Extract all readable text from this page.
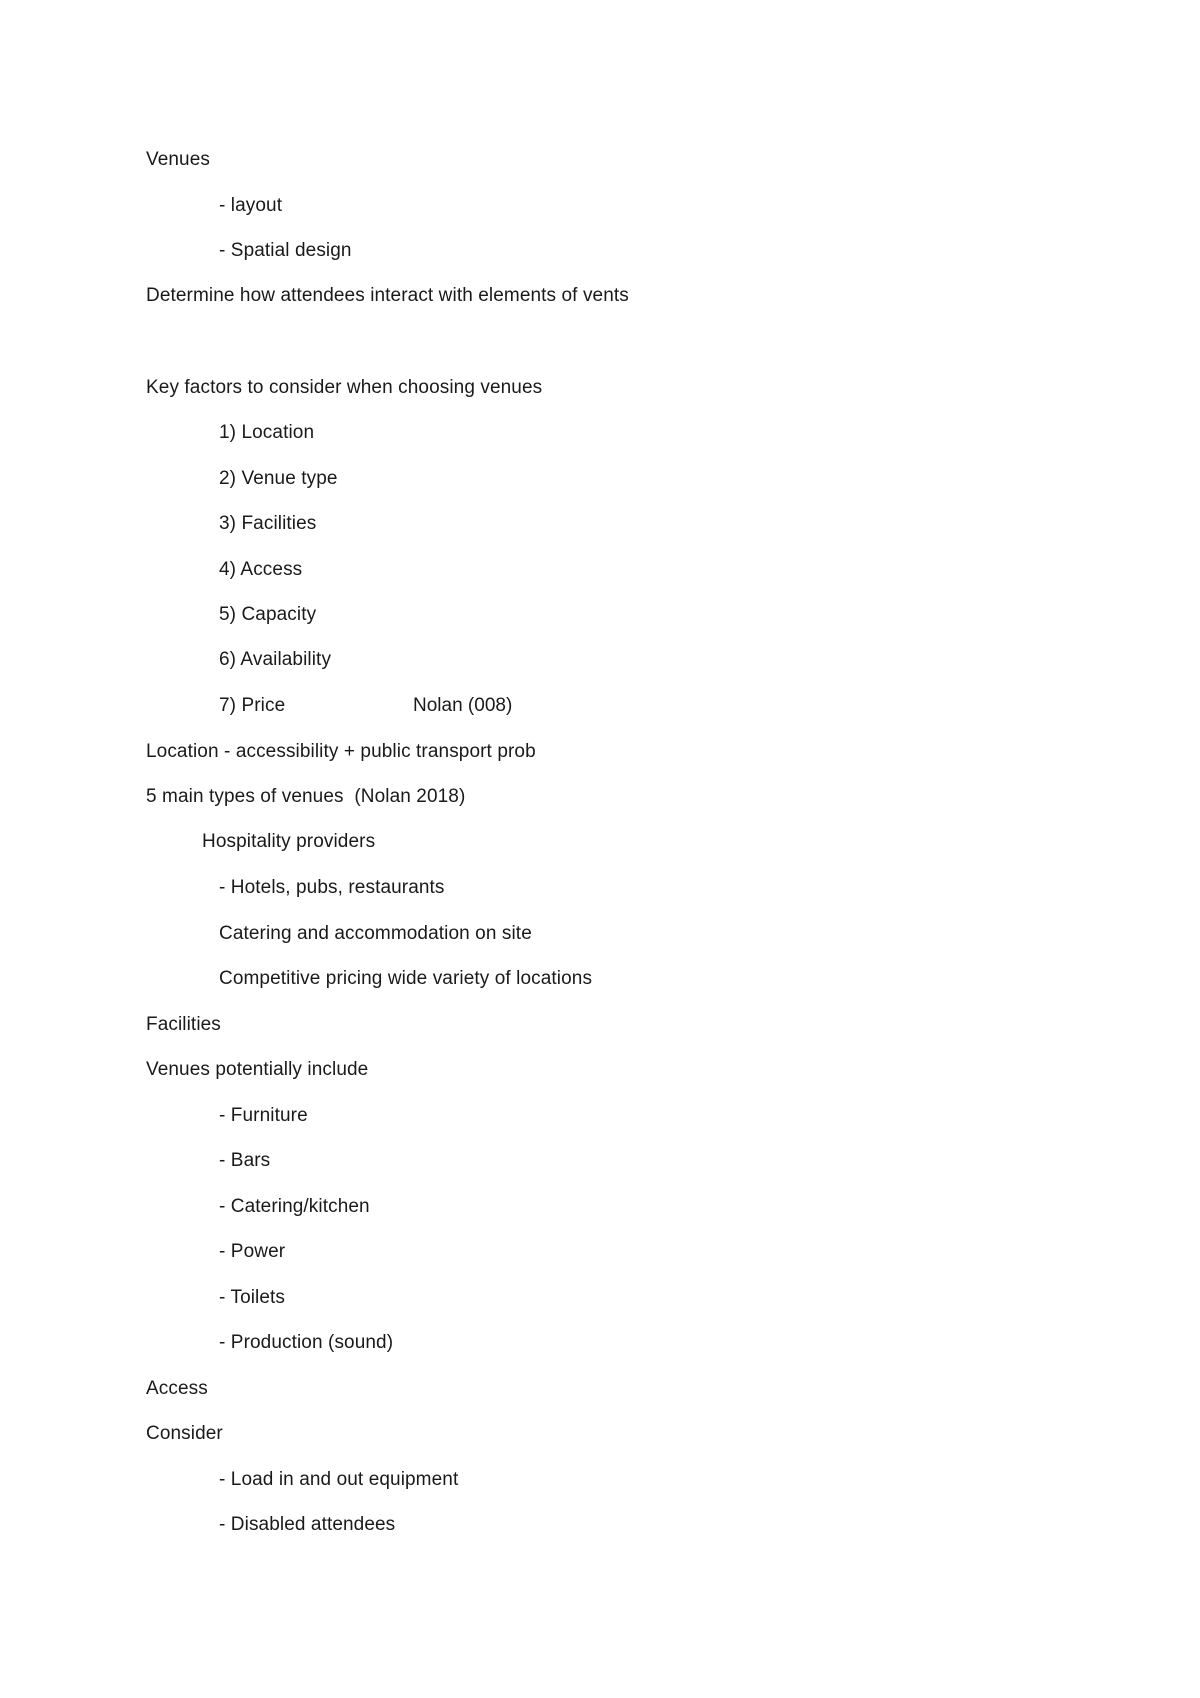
Venues
- layout
- Spatial design
Determine how attendees interact with elements of vents
Key factors to consider when choosing venues
1) Location
2) Venue type
3) Facilities
4) Access
5) Capacity
6) Availability
7) Price	Nolan (008)
Location - accessibility + public transport prob
5 main types of venues  (Nolan 2018)
Hospitality providers
- Hotels, pubs, restaurants
Catering and accommodation on site
Competitive pricing wide variety of locations
Facilities
Venues potentially include
- Furniture
- Bars
- Catering/kitchen
- Power
- Toilets
- Production (sound)
Access
Consider
- Load in and out equipment
- Disabled attendees
